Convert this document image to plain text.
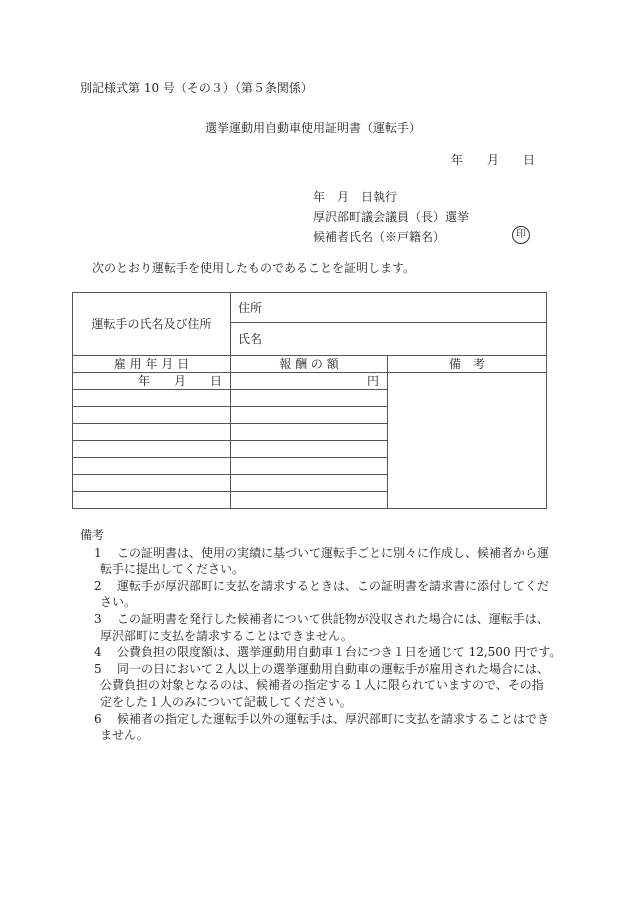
別記様式第 10 号（その３）（第５条関係）
選挙運動用自動車使用証明書（運転手）
年　　月　　日
年　月　日執行
厚沢部町議会議員（長）選挙
候補者氏名（※戸籍名）	印
次のとおり運転手を使用したものであることを証明します。
運転手の氏名及び住所	住所	
	氏名	
雇 用 年 月 日	報 酬 の 額	備　考
年　　月　　日	円	

備考
1	この証明書は、使用の実績に基づいて運転手ごとに別々に作成し、候補者から運
転手に提出してください。
2	運転手が厚沢部町に支払を請求するときは、この証明書を請求書に添付してくだ
さい。
3	この証明書を発行した候補者について供託物が没収された場合には、運転手は、
厚沢部町に支払を請求することはできません。
4	公費負担の限度額は、選挙運動用自動車１台につき１日を通じて 12,500 円です。
5	同一の日において２人以上の選挙運動用自動車の運転手が雇用された場合には、
公費負担の対象となるのは、候補者の指定する１人に限られていますので、その指
定をした１人のみについて記載してください。
6	候補者の指定した運転手以外の運転手は、厚沢部町に支払を請求することはでき
ません。
